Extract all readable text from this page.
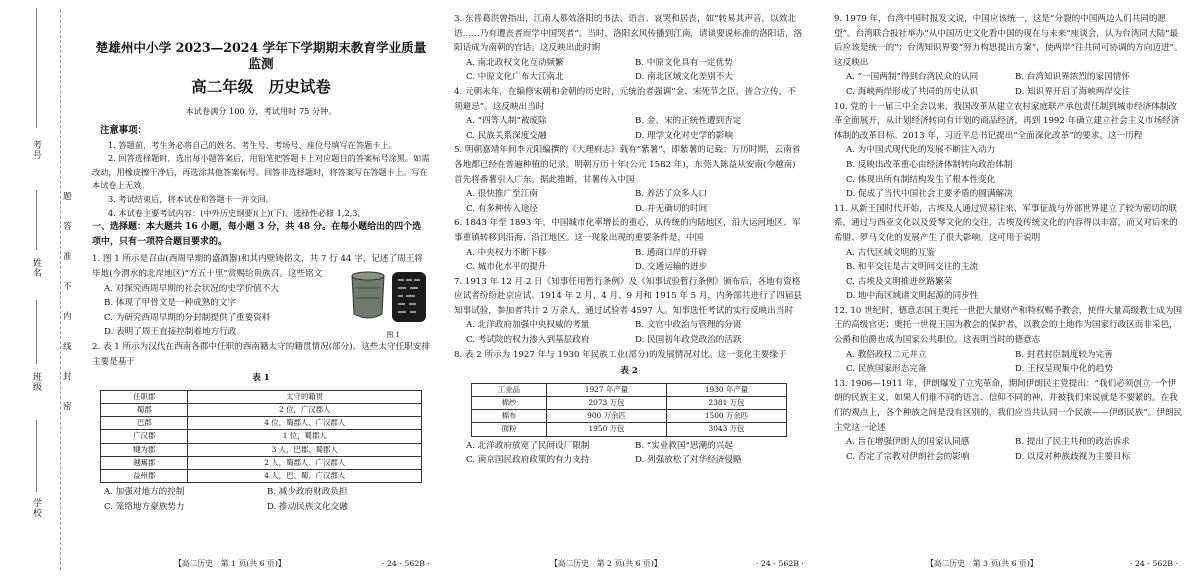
考号
姓名
班级
学校
题
答
准
不
内
线
封
密
楚雄州中小学 2023—2024 学年下学期期末教育学业质量监测
高二年级　历史试卷
本试卷满分 100 分，考试用时 75 分钟。
注意事项：

1. 答题前，考生务必将自己的姓名、考生号、考场号、座位号填写在答题卡上。

2. 回答选择题时，选出每小题答案后，用铅笔把答题卡上对应题目的答案标号涂黑。如需改动，用橡皮擦干净后，再选涂其他答案标号。回答非选择题时，将答案写在答题卡上。写在本试卷上无效。

3. 考试结束后，将本试卷和答题卡一并交回。

4. 本试卷主要考试内容：(中外历史纲要)(上)(下)、选择性必修 1,2,3。

一、选择题：本大题共 16 小题，每小题 3 分，共 48 分。在每小题给出的四个选项中，只有一项符合题目要求的。

1. 图 1 所示是召由(西周早期的盛酒器)和其内壁铸铭文，共 7 行 44 字，记述了周王将毕地(今渭水的北岸地区)“方五十里”赏赐给贵族召。这些铭文

A. 对探究西周早期的社会状况的史学价值不大

B. 体现了甲骨文是一种成熟的文字

C. 为研究西周早期的分封制提供了重要资料

D. 表明了周王直接控制着地方行政	图 1

2. 表 1 所示为汉代在西南各郡中任职的西南籍太守的籍贯情况(部分)。这些太守任职安排主要是基于

表 1
任职郡	太守的籍贯
蜀郡	2 位，广汉郡人
巴郡	4 位，蜀郡人、广汉郡人
广汉郡	1 位，蜀郡人
犍为郡	3 人，巴郡、蜀郡人
越嶲郡	2 人，蜀郡人、广汉郡人
益州郡	4 人，巴、蜀、广汉郡人

A. 加强对地方的控制	B. 减少政府财政负担

C. 笼络地方豪族势力	D. 推动民族文化交融

【高二历史　第 1 页(共 6 页)】	· 24 - 562B ·

3. 东晋葛洪曾指出，江南人慕效洛阳的书法、语言、哀哭和居丧，如“转易其声音，以效北语……乃有遭丧者而学中国哭者”。当时，洛阳玄风传播到江南，请谈要说标准的洛阳话，洛阳话成为南朝的官话。这反映出此时期

A. 南北政权文化互动频繁	B. 中原文化具有一定优势

C. 中原文化广布大江南北	D. 南北区域文化差别不大

4. 元朝末年，在编修宋朝和金朝的历史时，元统治者强调“金、宋死节之臣，皆合立传，不须避忌”。这反映出当时

A. “四等人制”被废除	B. 金、宋的正统性遭到否定

C. 民族关系深度交融	D. 理学文化对史学的影响

5. 明朝嘉靖年间李元阳编撰的《大理府志》载有“紫薯”，即紫薯的记载；万历时期，云南省各地都已经在普遍种植的记录。明朝万历十年(公元 1582 年)，东莞人陈益从安南(今越南)首先将番薯引入广东。据此推断，甘薯传入中国

A. 很快推广至江南	B. 养活了众多人口

C. 有多种传入途径	D. 并无确切的时间

6. 1843 年至 1893 年，中国城市化率增长的重心，从传统的内陆地区，沿大运河地区、军事重镇转移到沿海、沿江地区。这一现象出现的重要条件是，中国

A. 中央权力不断下移	B. 通商口岸的开辟

C. 城市化水平的提升	D. 交通运输的进步

7. 1913 年 12 月 2 日《知事任用暂行条例》及《知事试验暂行条例》颁布后，各地有资格应试者纷纷赴京应试。1914 年 2 月、4 月、9 月和 1915 年 5 月，内务部共进行了四届县知事试验，参加者共计 2 万余人，通过试验者 4597 人。知事选任考试的实行反映出当时

A. 北洋政府加强中央权威的考量	B. 文官中政治与管理的分离

C. 考试院的权力渗入到基层政府	D. 民国初年政党政治的活跃

8. 表 2 所示为 1927 年与 1930 年民族工业(部分)的发展情况对比。这一变化主要缘于

表 2
工业品	1927 年产量	1930 年产量
棉纱	2073 万包	2381 万包
棉布	900 万余匹	1500 万余匹
面粉	1950 万包	3043 万包

A. 北洋政府放宽了民间设厂限制	B. “实业救国”思潮的兴起

C. 南京国民政府政策的有力支持	D. 列强放松了对华经济侵略

【高二历史　第 2 页(共 6 页)】	· 24 - 562B ·

9. 1979 年，台湾中国时报发文说，中国应该统一，这是“分裂的中国两边人们共同的愿望”。台湾联合报社举办“从中国历史文化看中国的现在与未来”座谈会，认为台湾同大陆“最后应该是统一的”；台湾知识界要“努力构思提出方案”，使两岸“往共同可协调的方向迈进”。这反映出

A. “一国两制”得到台湾民众的认同	B. 台湾知识界浓烈的家国情怀

C. 海峡两岸形成了共同的历史认识	D. 知识界开启了海峡两岸交往

10. 党的十一届三中全会以来，我国改革从建立农村家庭联产承包责任制到城市经济体制改革全面展开，从计划经济转向有计划的商品经济，再到 1992 年确立建立社会主义市场经济体制的改革目标。2013 年，习近平总书记提出“全面深化改革”的要求。这一历程

A. 为中国式现代化的发展不断注入动力

B. 反映出改革重心由经济体制转向政治体制

C. 体现出所有制结构发生了根本性变化

D. 促成了当代中国社会主要矛盾的圆满解决

11. 从新王国时代开始，古埃及人通过贸易往来、军事征战与外部世界建立了较为密切的联系，通过与西亚文化以及爱琴文化的交往，古埃及传统文化的内容得以丰富，而又对后来的希腊、罗马文化的发展产生了很大影响。这可用于说明

A. 古代区域文明的互鉴

B. 和平交往是古文明间交往的主流

C. 古埃及文明推进丝路繁荣

D. 地中海区域诸文明起源的同步性

12. 10 世纪时，德意志国王奥托一世把大量财产和特权赐予教会，使得大量高级教士成为国王的高级官吏；奥托一世视王国为教会的保护者，以教会的土地作为国家行政区而非采邑，公爵和伯爵也成为国家公共职位。这表明当时的德意志

A. 教俗政权二元并立	B. 封君封臣制度较为完善

C. 民族国家形态完备	D. 王权呈现集中化的趋势

13. 1906—1911 年，伊朗爆发了立宪革命，期间伊朗民主党提出：“我们必须创立一个伊朗的民族主义，如果人们谁不同的语言、信仰不同的神，并被我们来说就是不要紧的。在我们的观点上，各个种族之间是没有区别的，我们应当共认同一个民族——伊朗民族”。伊朗民主党这一论述

A. 旨在增强伊朗人的国家认同感	B. 提出了民主共和的政治诉求

C. 否定了宗教对伊朗社会的影响	D. 以反对种族歧视为主要目标

【高二历史　第 3 页(共 6 页)】	· 24 - 562B ·
